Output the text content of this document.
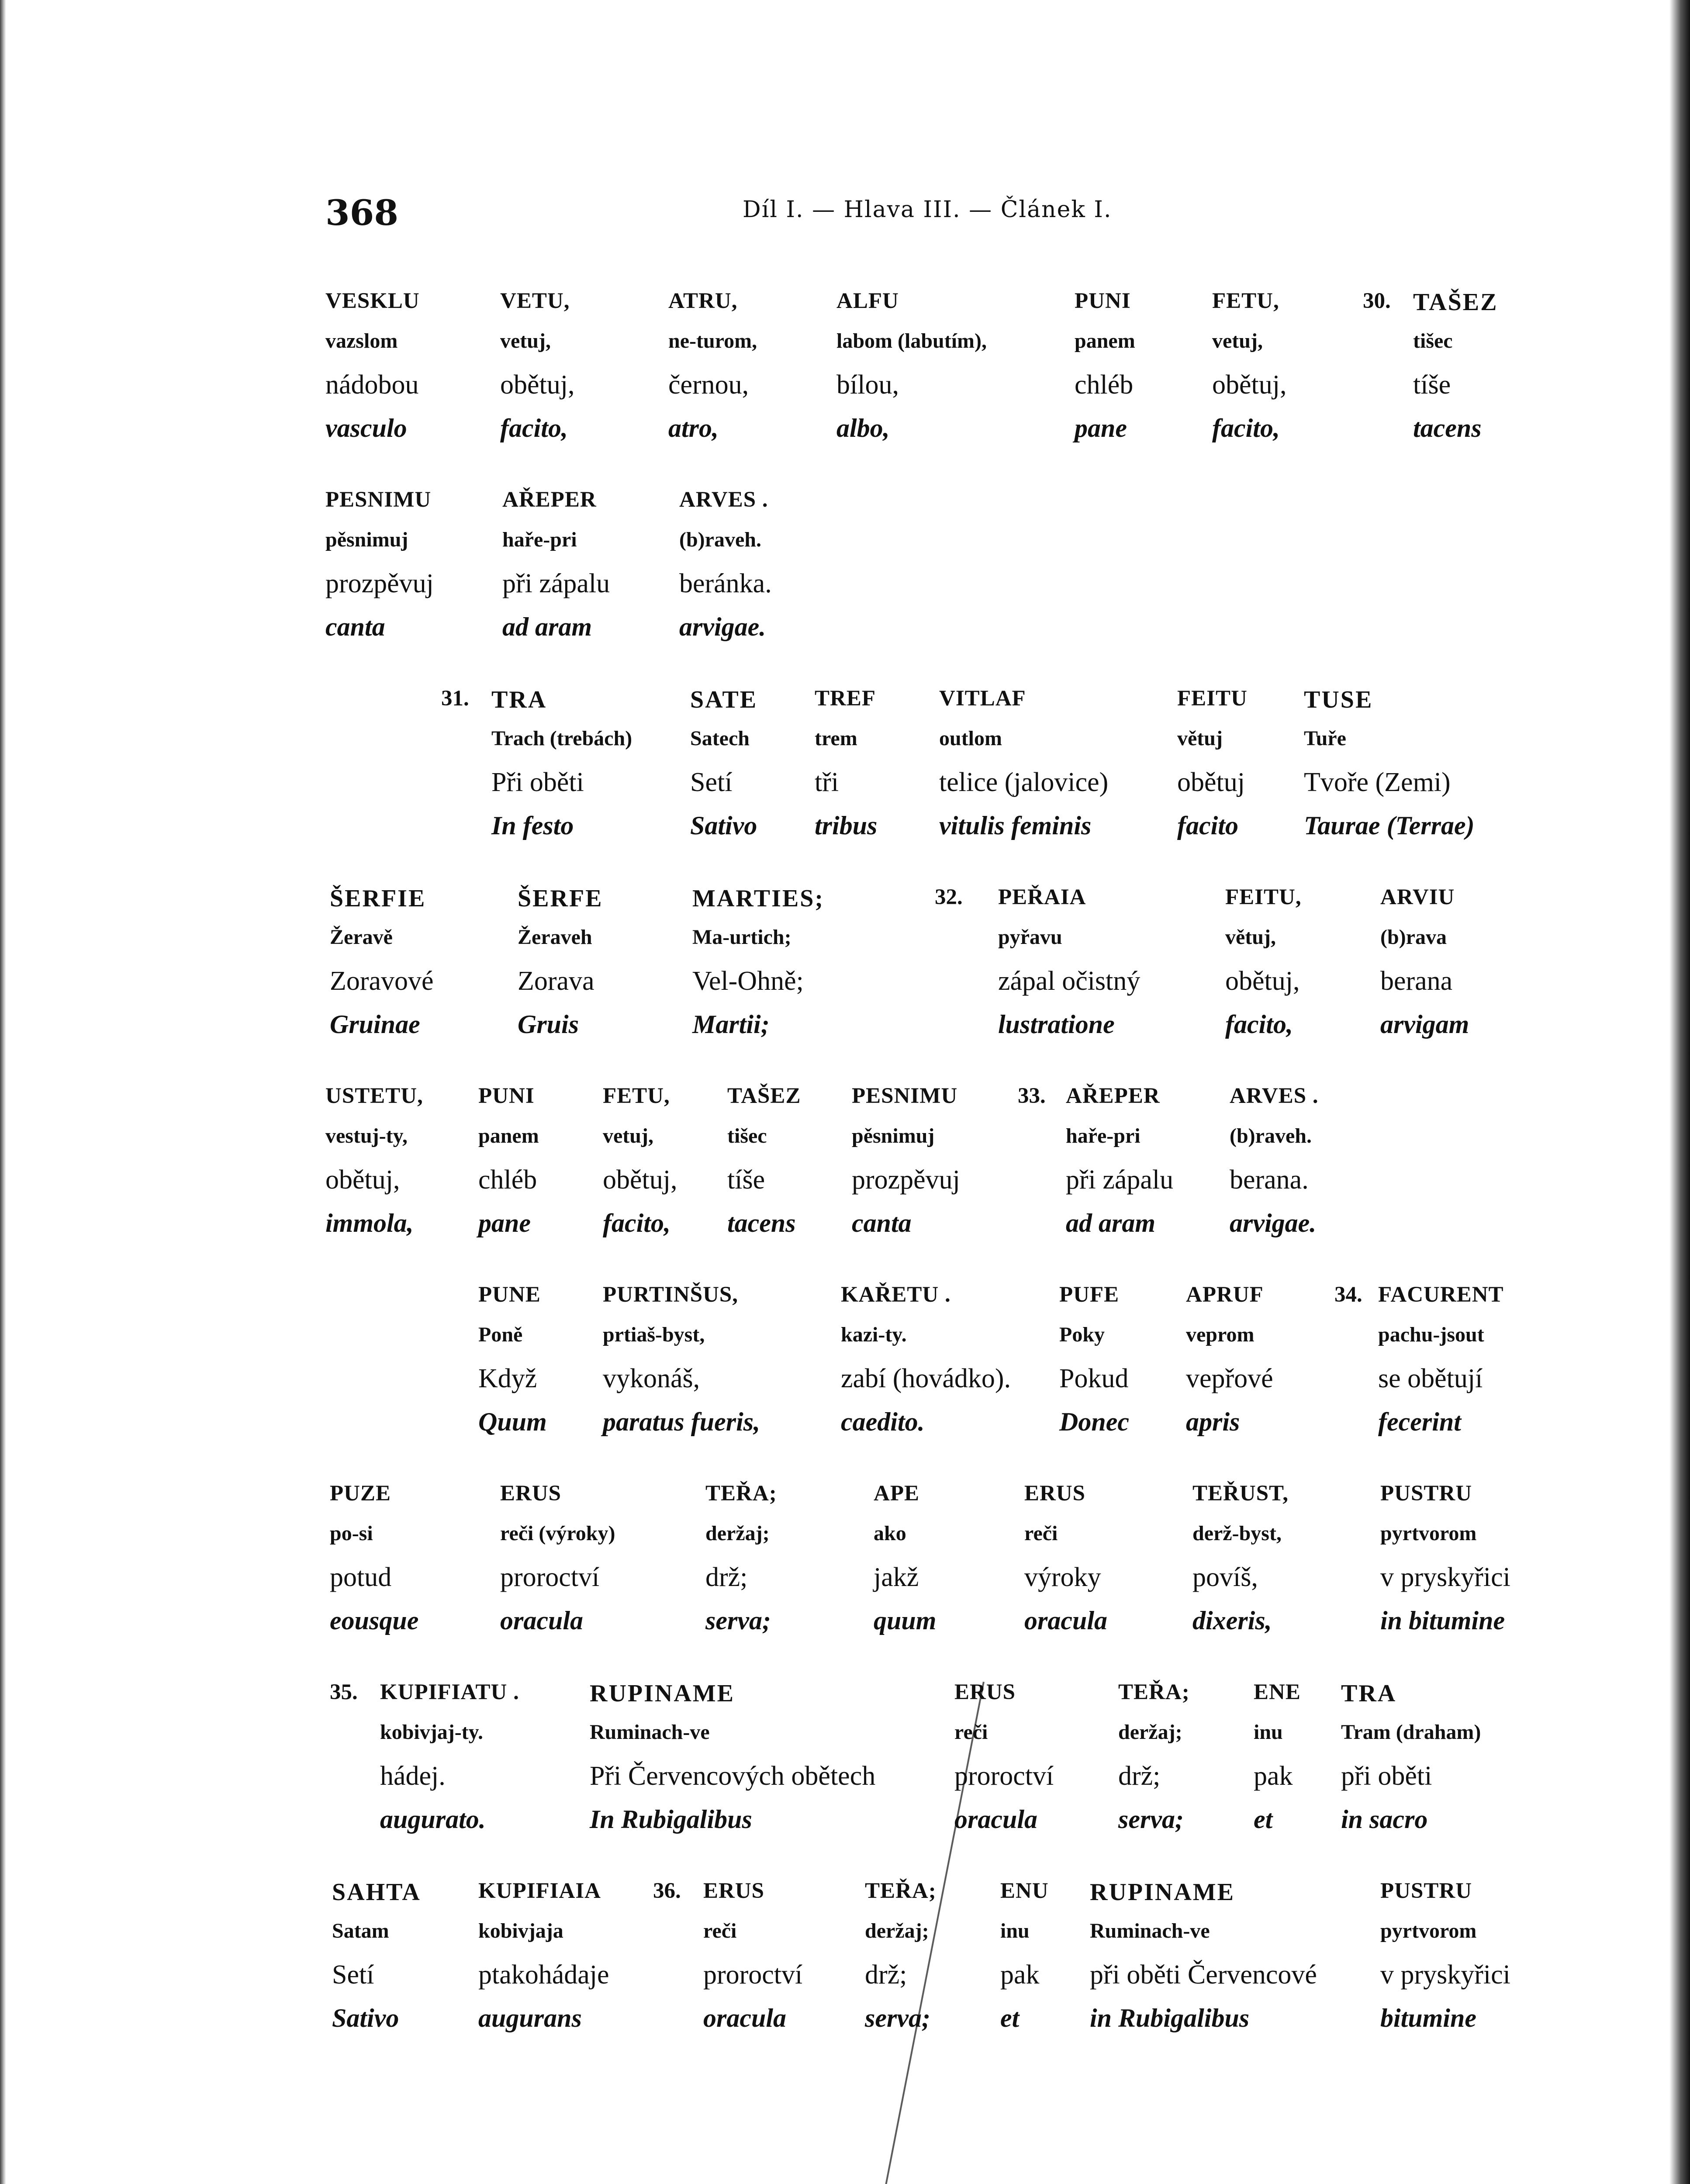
368	Díl I. — Hlava III. — Článek I.
VESKLU
vazslom
nádobou
vasculo
VETU,
vetuj,
obětuj,
facito,
ATRU,
ne-turom,
černou,
atro,
ALFU
labom (labutím),
bílou,
albo,
PUNI
panem
chléb
pane
FETU,
vetuj,
obětuj,
facito,
30. TAŠEZ
tišec
tíše
tacens
PESNIMU
pěsnimuj
prozpěvuj
canta
AŘEPER
haře-pri
při zápalu
ad aram
ARVES .
(b)raveh.
beránka.
arvigae.
31. TRA
Trach (trebách)
Při oběti
In festo
SATE
Satech
Setí
Sativo
TREF
trem
tři
tribus
VITLAF
outlom
telice (jalovice)
vitulis feminis
FEITU
větuj
obětuj
facito
TUSE
Tuře
Tvoře (Zemi)
Taurae (Terrae)
ŠERFIE
Žeravě
Zoravové
Gruinae
ŠERFE
Žeraveh
Zorava
Gruis
MARTIES;
Ma-urtich;
Vel-Ohně;
Martii;
32. PEŘAIA
pyřavu
zápal očistný
lustratione
FEITU,
větuj,
obětuj,
facito,
ARVIU
(b)rava
berana
arvigam
USTETU,
vestuj-ty,
obětuj,
immola,
PUNI
panem
chléb
pane
FETU,
vetuj,
obětuj,
facito,
TAŠEZ
tišec
tíše
tacens
PESNIMU
pěsnimuj
prozpěvuj
canta
33. AŘEPER
haře-pri
při zápalu
ad aram
ARVES .
(b)raveh.
berana.
arvigae.
PUNE
Poně
Když
Quum
PURTINŠUS,
prtiaš-byst,
vykonáš,
paratus fueris,
KAŘETU .
kazi-ty.
zabí (hovádko).
caedito.
PUFE
Poky
Pokud
Donec
APRUF
veprom
vepřové
apris
34. FACURENT
pachu-jsout
se obětují
fecerint
PUZE
po-si
potud
eousque
ERUS
reči (výroky)
proroctví
oracula
TEŘA;
deržaj;
drž;
serva;
APE
ako
jakž
quum
ERUS
reči
výroky
oracula
TEŘUST,
derž-byst,
povíš,
dixeris,
PUSTRU
pyrtvorom
v pryskyřici
in bitumine
35. KUPIFIATU .
kobivjaj-ty.
hádej.
augurato.
RUPINAME
Ruminach-ve
Při Červencových obětech
In Rubigalibus
ERUS
reči
proroctví
oracula
TEŘA;
deržaj;
drž;
serva;
ENE
inu
pak
et
TRA
Tram (draham)
při oběti
in sacro
SAHTA
Satam
Setí
Sativo
KUPIFIAIA
kobivjaja
ptakohádaje
augurans
36. ERUS
reči
proroctví
oracula
TEŘA;
deržaj;
drž;
serva;
ENU
inu
pak
et
RUPINAME
Ruminach-ve
při oběti Červencové
in Rubigalibus
PUSTRU
pyrtvorom
v pryskyřici
bitumine
